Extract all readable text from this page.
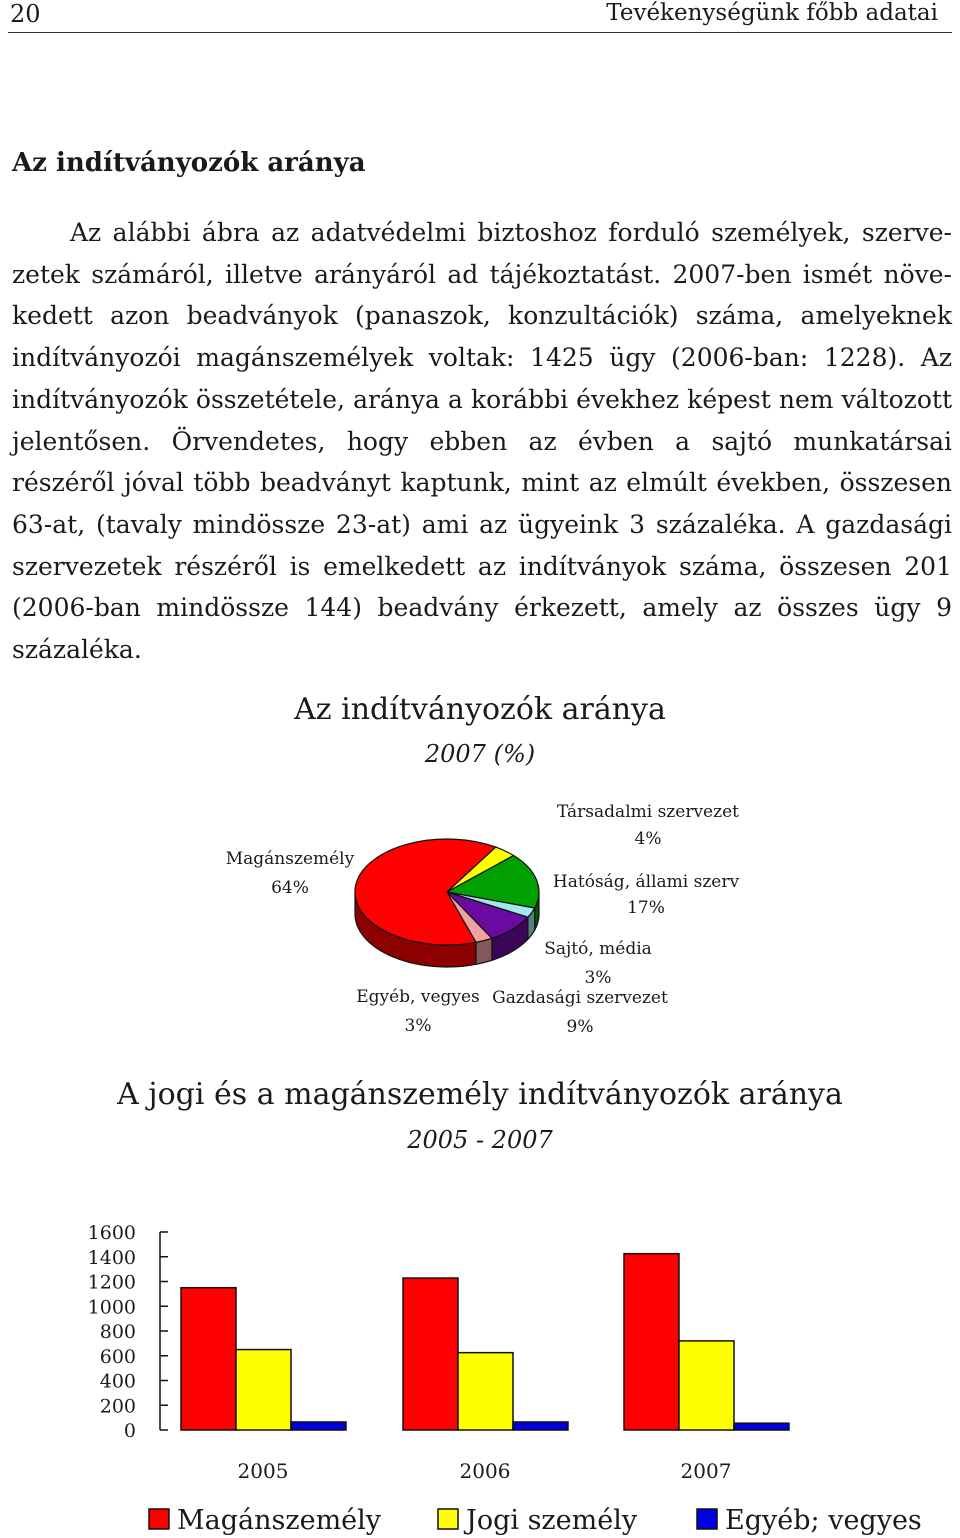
20	Tevékenységünk főbb adatai
Az indítványozók aránya

Az alábbi ábra az adatvédelmi biztoshoz forduló személyek, szervezetek számáról, illetve arányáról ad tájékoztatást. 2007-ben ismét növekedett azon beadványok (panaszok, konzultációk) száma, amelyeknek indítványozói magánszemélyek voltak: 1425 ügy (2006-ban: 1228). Az indítványozók összetétele, aránya a korábbi évekhez képest nem változott jelentősen. Örvendetes, hogy ebben az évben a sajtó munkatársai részéről jóval több beadványt kaptunk, mint az elmúlt években, összesen 63-at, (tavaly mindössze 23-at) ami az ügyeink 3 százaléka. A gazdasági szervezetek részéről is emelkedett az indítványok száma, összesen 201 (2006-ban mindössze 144) beadvány érkezett, amely az összes ügy 9 százaléka.

Az indítványozók aránya
2007 (%)
Magánszemély
64%
Társadalmi szervezet
4%
Hatóság, állami szerv
17%
Sajtó, média
3%
Gazdasági szervezet
9%
Egyéb, vegyes
3%
A jogi és a magánszemély indítványozók aránya
2005 - 2007
0
200
400
600
800
1000
1200
1400
1600
2005	2006	2007
Magánszemély	Jogi személy	Egyéb; vegyes
